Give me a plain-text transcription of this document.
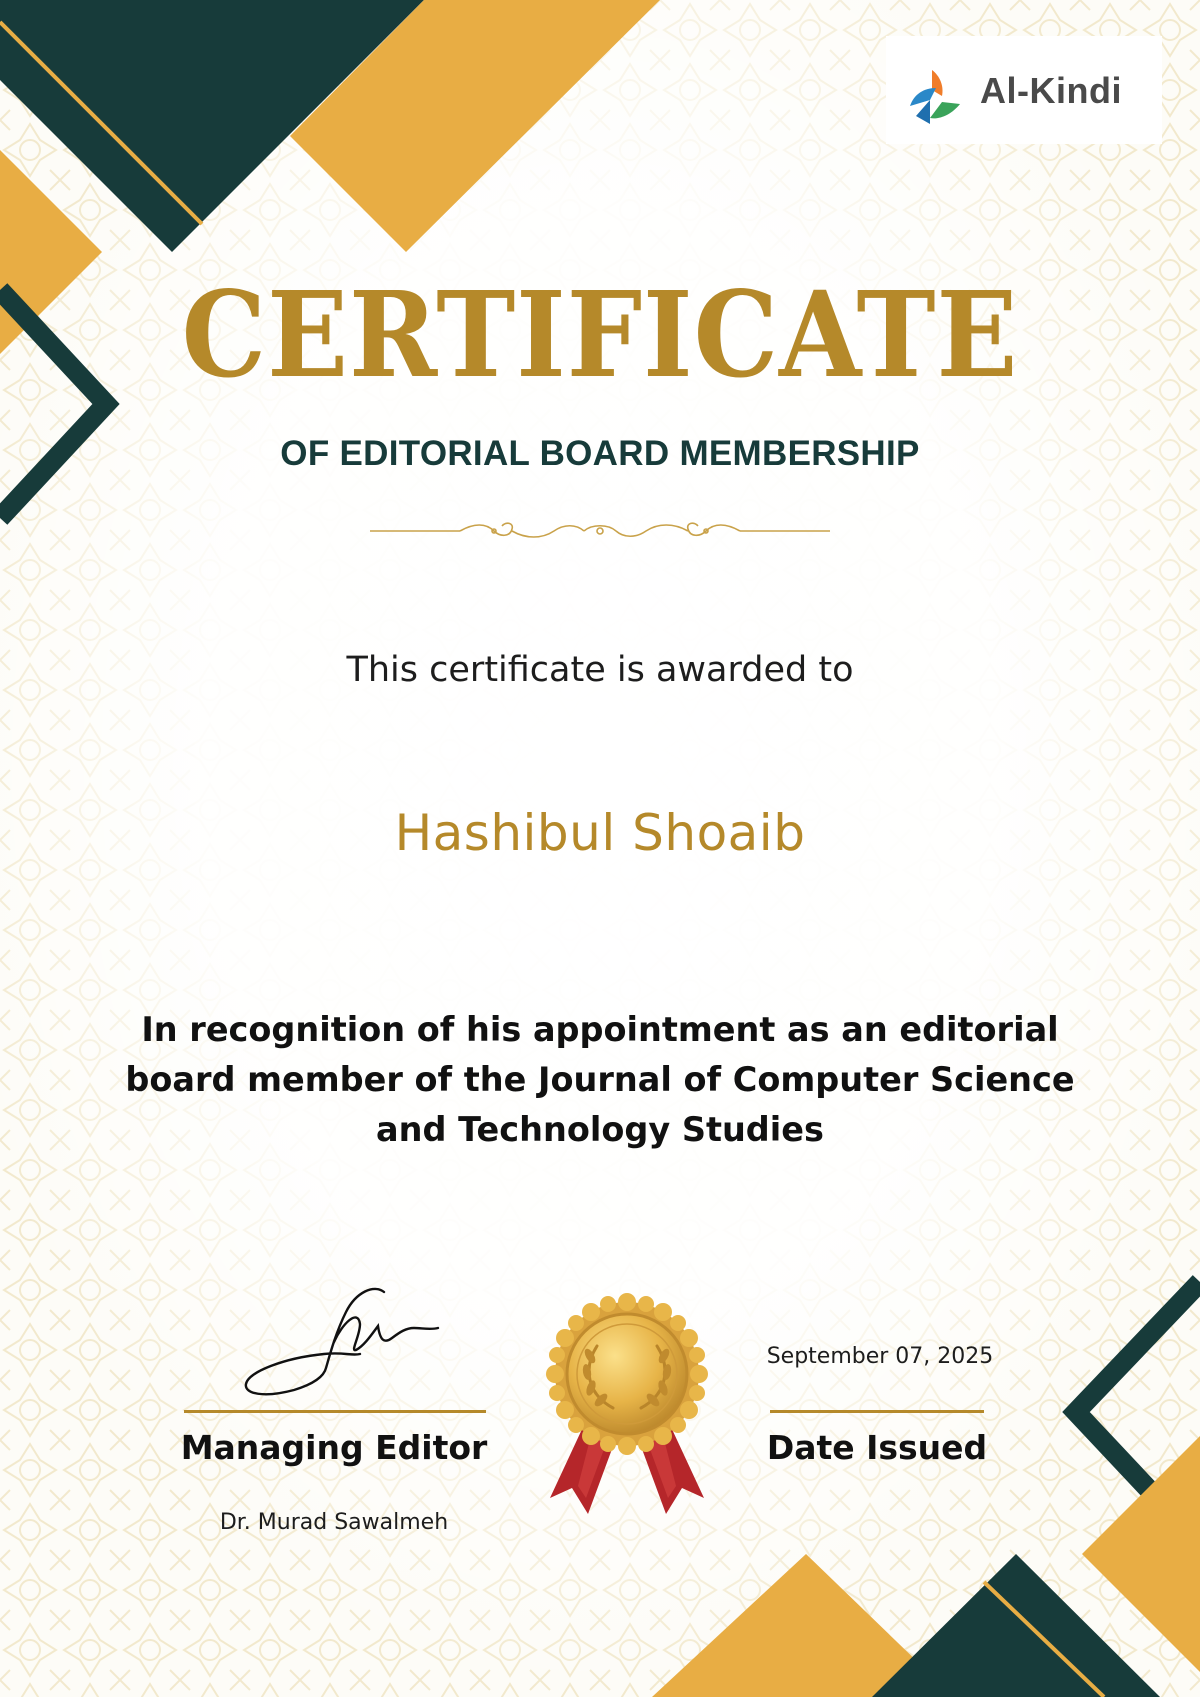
Al-Kindi
CERTIFICATE
OF EDITORIAL BOARD MEMBERSHIP
This certificate is awarded to
Hashibul Shoaib
In recognition of his appointment as an editorial board member of the Journal of Computer Science and Technology Studies
Managing Editor
Dr. Murad Sawalmeh
September 07, 2025
Date Issued
